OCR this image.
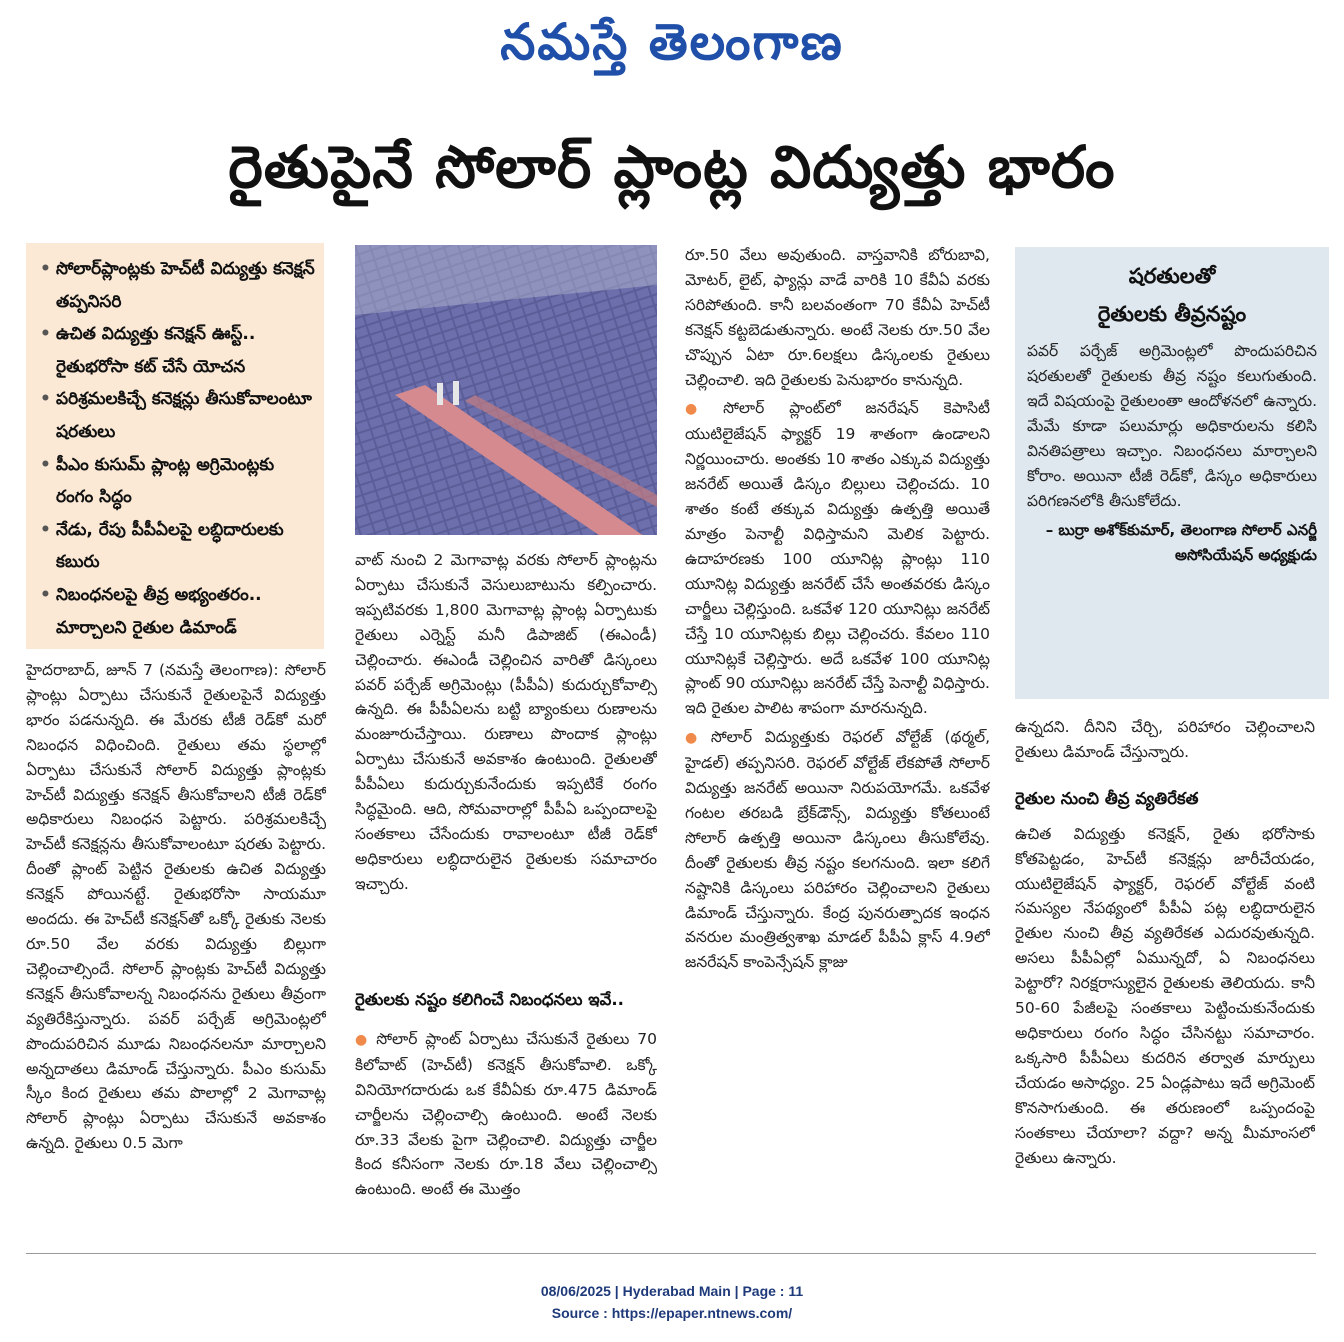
నమస్తే తెలంగాణ
రైతుపైనే సోలార్ ప్లాంట్ల విద్యుత్తు భారం
• సోలార్‌ప్లాంట్లకు హెచ్‌టీ విద్యుత్తు కనెక్షన్ తప్పనిసరి
• ఉచిత విద్యుత్తు కనెక్షన్ ఊస్ట్.. రైతుభరోసా కట్ చేసే యోచన
• పరిశ్రమలకిచ్చే కనెక్షన్లు తీసుకోవాలంటూ షరతులు
• పీఎం కుసుమ్ ప్లాంట్ల అగ్రిమెంట్లకు రంగం సిద్ధం
• నేడు, రేపు పీపీఏలపై లబ్ధిదారులకు కబురు
• నిబంధనలపై తీవ్ర అభ్యంతరం.. మార్చాలని రైతుల డిమాండ్

హైదరాబాద్, జూన్ 7 (నమస్తే తెలంగాణ): సోలార్ ప్లాంట్లు ఏర్పాటు చేసుకునే రైతులపైనే విద్యుత్తు భారం పడనున్నది. ఈ మేరకు టీజీ రెడ్‌కో మరో నిబంధన విధించింది. రైతులు తమ స్థలాల్లో ఏర్పాటు చేసుకునే సోలార్ విద్యుత్తు ప్లాంట్లకు హెచ్‌టీ విద్యుత్తు కనెక్షన్ తీసుకోవాలని టీజీ రెడ్‌కో అధికారులు నిబంధన పెట్టారు. పరిశ్రమలకిచ్చే హెచ్‌టీ కనెక్షన్లను తీసుకోవాలంటూ షరతు పెట్టారు. దీంతో ప్లాంట్ పెట్టిన రైతులకు ఉచిత విద్యుత్తు కనెక్షన్ పోయినట్టే. రైతుభరోసా సాయమూ అందదు. ఈ హెచ్‌టీ కనెక్షన్‌తో ఒక్కో రైతుకు నెలకు రూ.50 వేల వరకు విద్యుత్తు బిల్లుగా చెల్లించాల్సిందే. సోలార్ ప్లాంట్లకు హెచ్‌టీ విద్యుత్తు కనెక్షన్ తీసుకోవాలన్న నిబంధనను రైతులు తీవ్రంగా వ్యతిరేకిస్తున్నారు. పవర్ పర్చేజ్ అగ్రిమెంట్లలో పొందుపరిచిన మూడు నిబంధనలనూ మార్చాలని అన్నదాతలు డిమాండ్ చేస్తున్నారు. పీఎం కుసుమ్ స్కీం కింద రైతులు తమ పొలాల్లో 2 మెగావాట్ల సోలార్ ప్లాంట్లు ఏర్పాటు చేసుకునే అవకాశం ఉన్నది. రైతులు 0.5 మెగా

వాట్ నుంచి 2 మెగావాట్ల వరకు సోలార్ ప్లాంట్లను ఏర్పాటు చేసుకునే వెసులుబాటును కల్పించారు. ఇప్పటివరకు 1,800 మెగావాట్ల ప్లాంట్ల ఏర్పాటుకు రైతులు ఎర్నెస్ట్ మనీ డిపాజిట్ (ఈఎండీ) చెల్లించారు. ఈఎండీ చెల్లించిన వారితో డిస్కంలు పవర్ పర్చేజ్ అగ్రిమెంట్లు (పీపీఏ) కుదుర్చుకోవాల్సి ఉన్నది. ఈ పీపీఏలను బట్టి బ్యాంకులు రుణాలను మంజూరుచేస్తాయి. రుణాలు పొందాక ప్లాంట్లు ఏర్పాటు చేసుకునే అవకాశం ఉంటుంది. రైతులతో పీపీఏలు కుదుర్చుకునేందుకు ఇప్పటికే రంగం సిద్ధమైంది. ఆది, సోమవారాల్లో పీపీఏ ఒప్పందాలపై సంతకాలు చేసేందుకు రావాలంటూ టీజీ రెడ్‌కో అధికారులు లబ్ధిదారులైన రైతులకు సమాచారం ఇచ్చారు.

రైతులకు నష్టం కలిగించే నిబంధనలు ఇవే..

● సోలార్ ప్లాంట్ ఏర్పాటు చేసుకునే రైతులు 70 కిలోవాట్ (హెచ్‌టీ) కనెక్షన్ తీసుకోవాలి. ఒక్కో వినియోగదారుడు ఒక కేవీఏకు రూ.475 డిమాండ్ చార్జీలను చెల్లించాల్సి ఉంటుంది. అంటే నెలకు రూ.33 వేలకు పైగా చెల్లించాలి. విద్యుత్తు చార్జీల కింద కనీసంగా నెలకు రూ.18 వేలు చెల్లించాల్సి ఉంటుంది. అంటే ఈ మొత్తం

రూ.50 వేలు అవుతుంది. వాస్తవానికి బోరుబావి, మోటర్, లైట్, ఫ్యాన్లు వాడే వారికి 10 కేవీఏ వరకు సరిపోతుంది. కానీ బలవంతంగా 70 కేవీఏ హెచ్‌టీ కనెక్షన్ కట్టబెడుతున్నారు. అంటే నెలకు రూ.50 వేల చొప్పున ఏటా రూ.6లక్షలు డిస్కంలకు రైతులు చెల్లించాలి. ఇది రైతులకు పెనుభారం కానున్నది.

● సోలార్ ప్లాంట్‌లో జనరేషన్ కెపాసిటీ యుటిలైజేషన్ ఫ్యాక్టర్ 19 శాతంగా ఉండాలని నిర్ణయించారు. అంతకు 10 శాతం ఎక్కువ విద్యుత్తు జనరేట్ అయితే డిస్కం బిల్లులు చెల్లించదు. 10 శాతం కంటే తక్కువ విద్యుత్తు ఉత్పత్తి అయితే మాత్రం పెనాల్టీ విధిస్తామని మెలిక పెట్టారు. ఉదాహరణకు 100 యూనిట్ల ప్లాంట్లు 110 యూనిట్ల విద్యుత్తు జనరేట్ చేసే అంతవరకు డిస్కం చార్జీలు చెల్లిస్తుంది. ఒకవేళ 120 యూనిట్లు జనరేట్ చేస్తే 10 యూనిట్లకు బిల్లు చెల్లించరు. కేవలం 110 యూనిట్లకే చెల్లిస్తారు. అదే ఒకవేళ 100 యూనిట్ల ప్లాంట్ 90 యూనిట్లు జనరేట్ చేస్తే పెనాల్టీ విధిస్తారు. ఇది రైతుల పాలిట శాపంగా మారనున్నది.

● సోలార్ విద్యుత్తుకు రెఫరల్ వోల్టేజ్ (థర్మల్, హైడల్) తప్పనిసరి. రెఫరల్ వోల్టేజ్ లేకపోతే సోలార్ విద్యుత్తు జనరేట్ అయినా నిరుపయోగమే. ఒకవేళ గంటల తరబడి బ్రేక్‌డౌన్స్, విద్యుత్తు కోతలుంటే సోలార్ ఉత్పత్తి అయినా డిస్కంలు తీసుకోలేవు. దీంతో రైతులకు తీవ్ర నష్టం కలగనుంది. ఇలా కలిగే నష్టానికి డిస్కంలు పరిహారం చెల్లించాలని రైతులు డిమాండ్ చేస్తున్నారు. కేంద్ర పునరుత్పాదక ఇంధన వనరుల మంత్రిత్వశాఖ మాడల్ పీపీఏ క్లాస్ 4.9లో జనరేషన్ కాంపెన్సేషన్ క్లాజు

షరతులతో
రైతులకు తీవ్రనష్టం
పవర్ పర్చేజ్ అగ్రిమెంట్లలో పొందుపరిచిన షరతులతో రైతులకు తీవ్ర నష్టం కలుగుతుంది. ఇదే విషయంపై రైతులంతా ఆందోళనలో ఉన్నారు. మేమే కూడా పలుమార్లు అధికారులను కలిసి వినతిపత్రాలు ఇచ్చాం. నిబంధనలు మార్చాలని కోరాం. అయినా టీజీ రెడ్‌కో, డిస్కం అధికారులు పరిగణనలోకి తీసుకోలేదు.
– బుర్రా అశోక్‌కుమార్, తెలంగాణ సోలార్ ఎనర్జీ అసోసియేషన్ అధ్యక్షుడు

ఉన్నదని. దీనిని చేర్చి, పరిహారం చెల్లించాలని రైతులు డిమాండ్ చేస్తున్నారు.

రైతుల నుంచి తీవ్ర వ్యతిరేకత

ఉచిత విద్యుత్తు కనెక్షన్, రైతు భరోసాకు కోతపెట్టడం, హెచ్‌టీ కనెక్షన్లు జారీచేయడం, యుటిలైజేషన్ ఫ్యాక్టర్, రెఫరల్ వోల్టేజ్ వంటి సమస్యల నేపథ్యంలో పీపీఏ పట్ల లబ్ధిదారులైన రైతుల నుంచి తీవ్ర వ్యతిరేకత ఎదురవుతున్నది. అసలు పీపీఏల్లో ఏమున్నదో, ఏ నిబంధనలు పెట్టారో? నిరక్షరాస్యులైన రైతులకు తెలియదు. కానీ 50-60 పేజీలపై సంతకాలు పెట్టించుకునేందుకు అధికారులు రంగం సిద్ధం చేసినట్టు సమాచారం. ఒక్కసారి పీపీఏలు కుదరిన తర్వాత మార్పులు చేయడం అసాధ్యం. 25 ఏండ్లపాటు ఇదే అగ్రిమెంట్ కొనసాగుతుంది. ఈ తరుణంలో ఒప్పందంపై సంతకాలు చేయాలా? వద్దా? అన్న మీమాంసలో రైతులు ఉన్నారు.

08/06/2025 | Hyderabad Main | Page : 11
Source : https://epaper.ntnews.com/
